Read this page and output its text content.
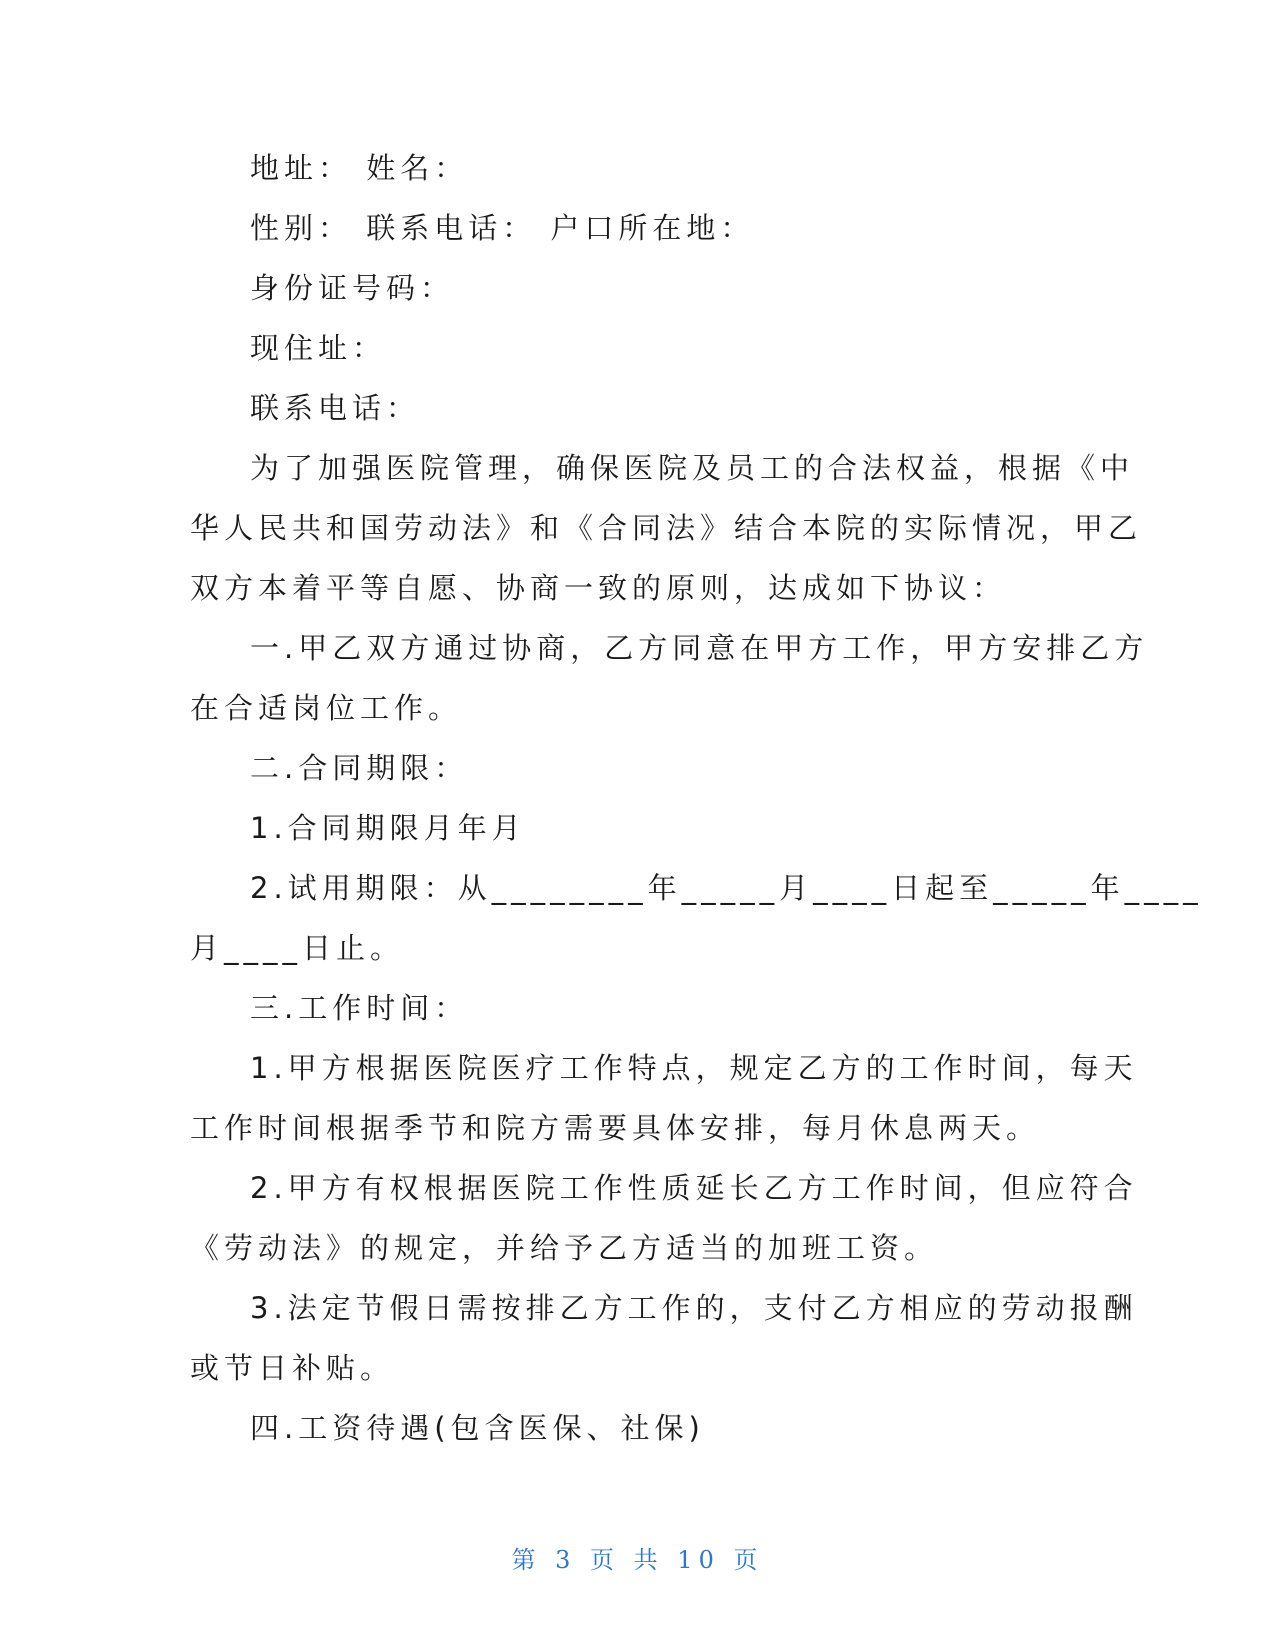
地址： 姓名：
性别： 联系电话： 户口所在地：
身份证号码：
现住址：
联系电话：
为了加强医院管理，确保医院及员工的合法权益，根据《中
华人民共和国劳动法》和《合同法》结合本院的实际情况，甲乙
双方本着平等自愿、协商一致的原则，达成如下协议：
一.甲乙双方通过协商，乙方同意在甲方工作，甲方安排乙方
在合适岗位工作。
二.合同期限：
1.合同期限月年月
2.试用期限：从________年_____月____日起至_____年____
月____日止。
三.工作时间：
1.甲方根据医院医疗工作特点，规定乙方的工作时间，每天
工作时间根据季节和院方需要具体安排，每月休息两天。
2.甲方有权根据医院工作性质延长乙方工作时间，但应符合
《劳动法》的规定，并给予乙方适当的加班工资。
3.法定节假日需按排乙方工作的，支付乙方相应的劳动报酬
或节日补贴。
四.工资待遇(包含医保、社保)
第 3 页 共 10 页
